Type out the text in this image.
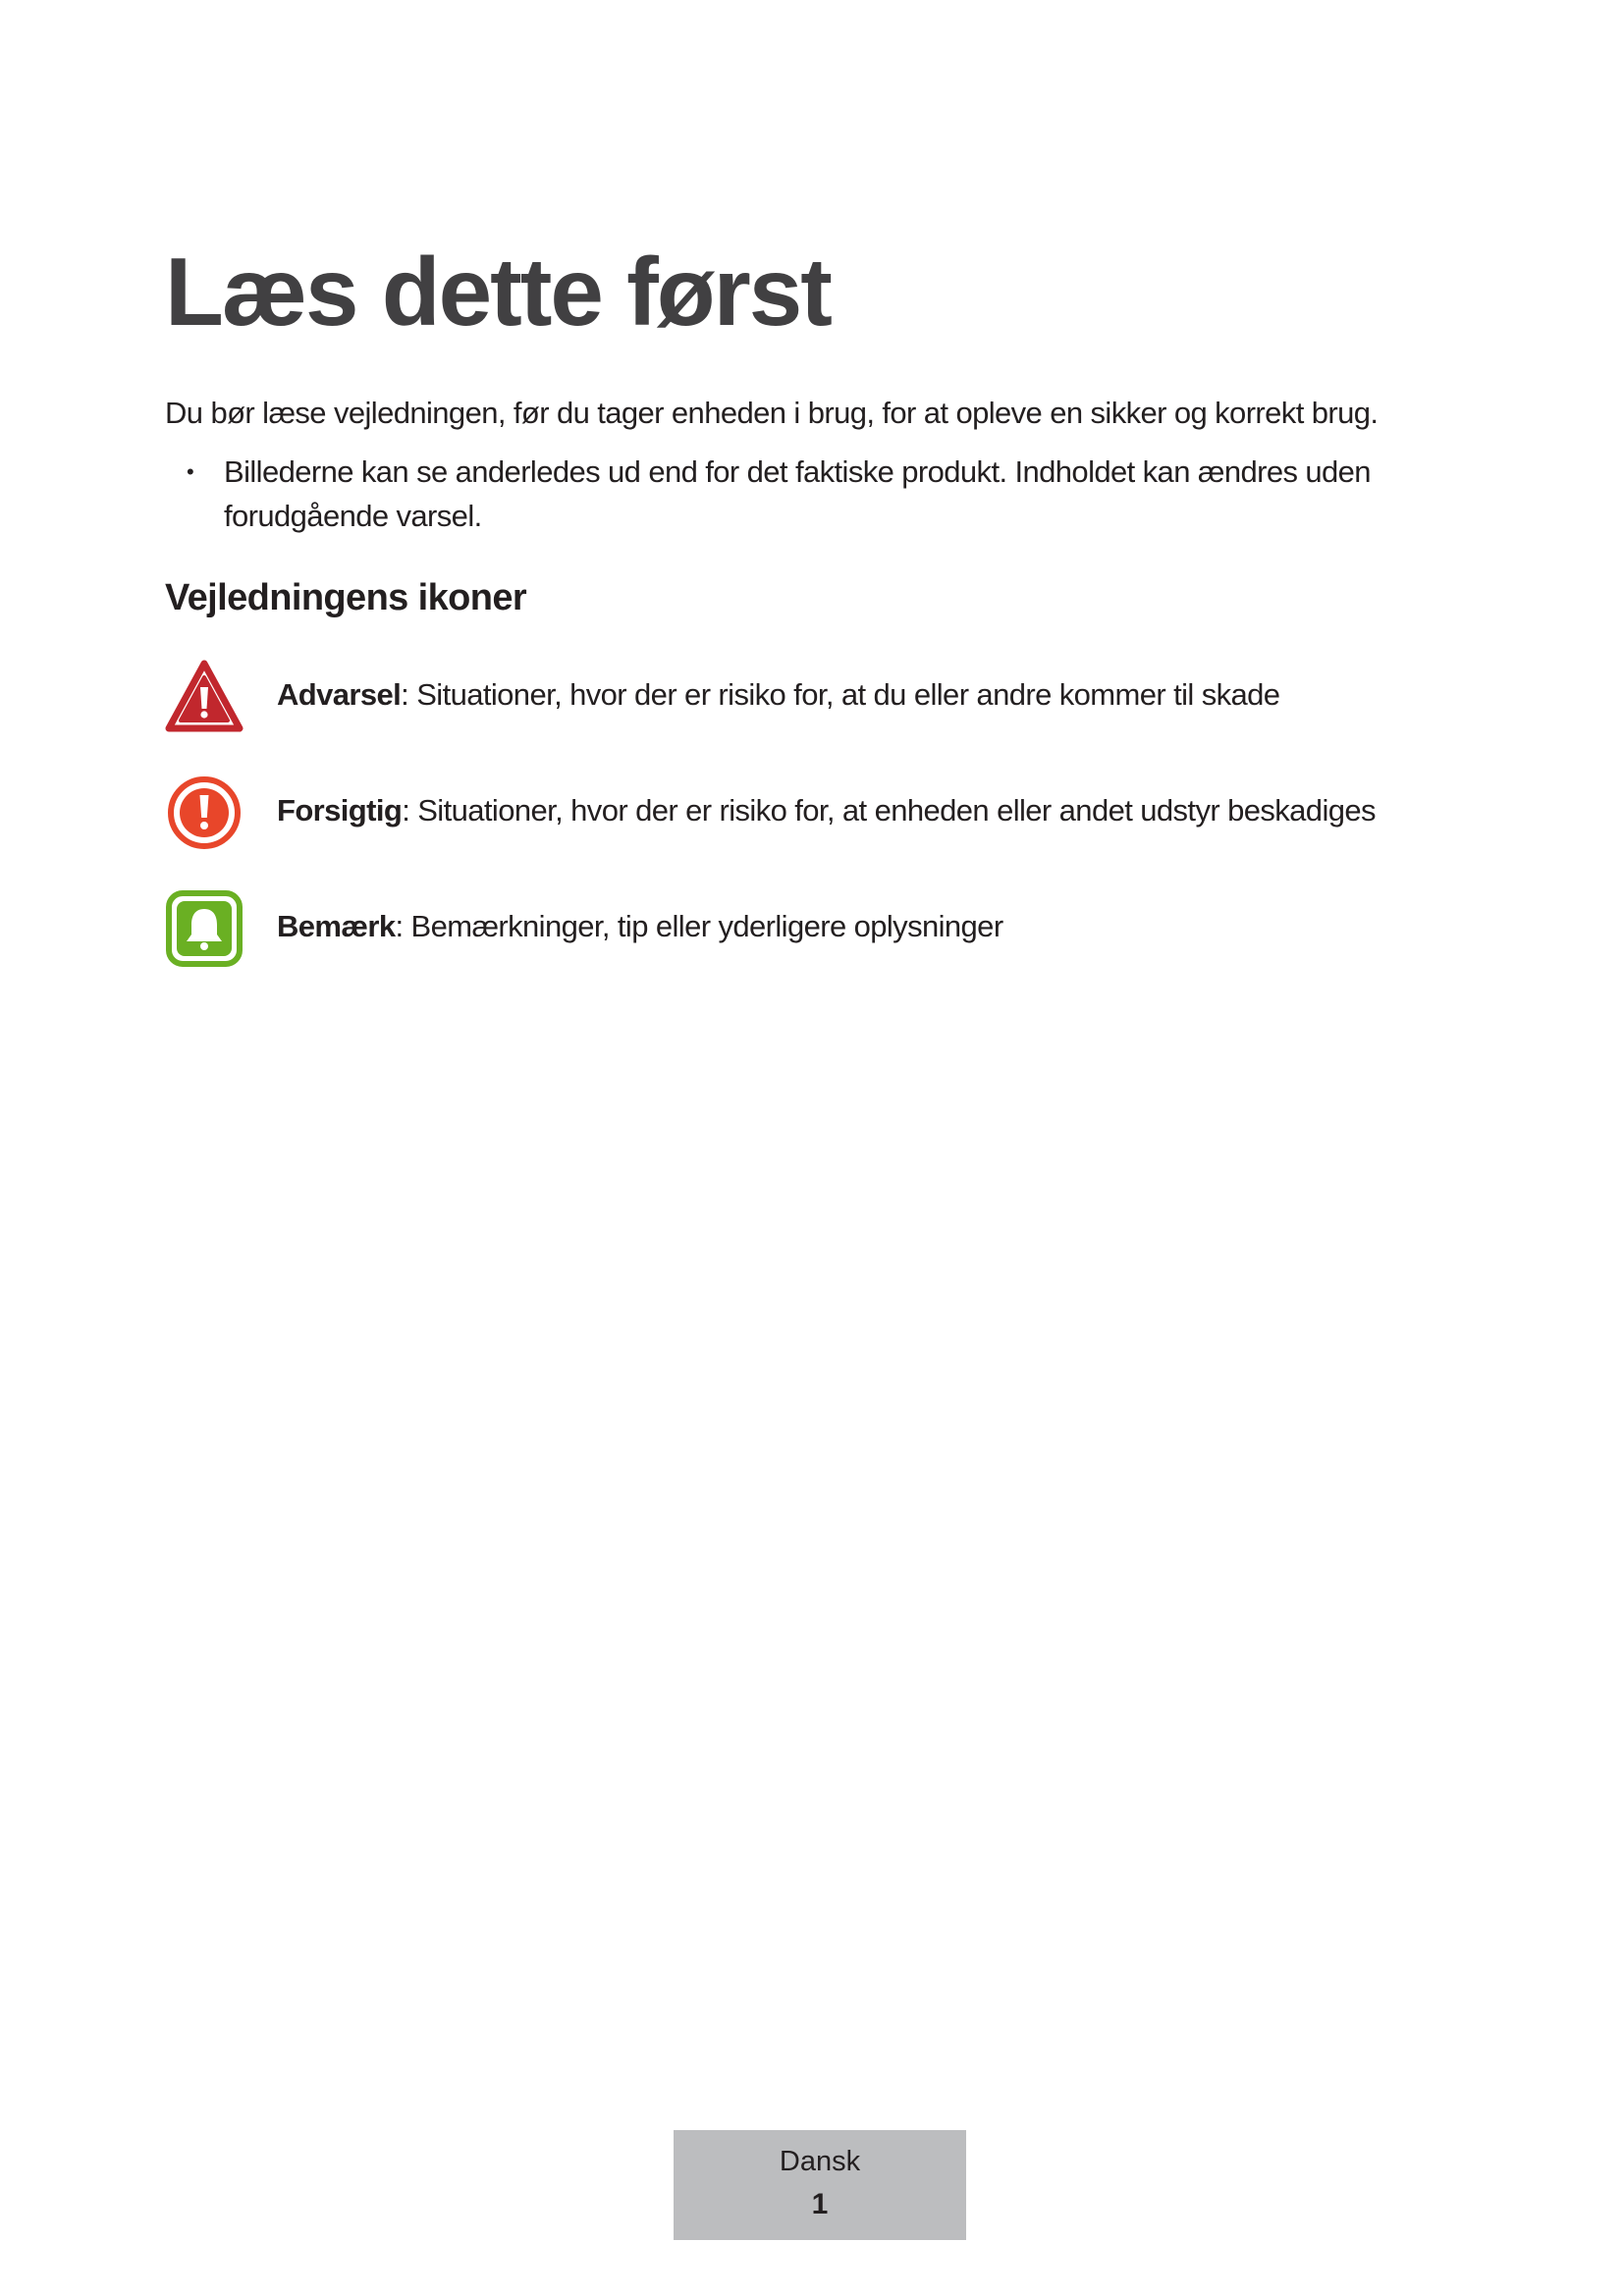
Læs dette først

Du bør læse vejledningen, før du tager enheden i brug, for at opleve en sikker og korrekt brug.

• Billederne kan se anderledes ud end for det faktiske produkt. Indholdet kan ændres uden forudgående varsel.
Vejledningens ikoner
Advarsel: Situationer, hvor der er risiko for, at du eller andre kommer til skade
Forsigtig: Situationer, hvor der er risiko for, at enheden eller andet udstyr beskadiges
Bemærk: Bemærkninger, tip eller yderligere oplysninger
Dansk
1
